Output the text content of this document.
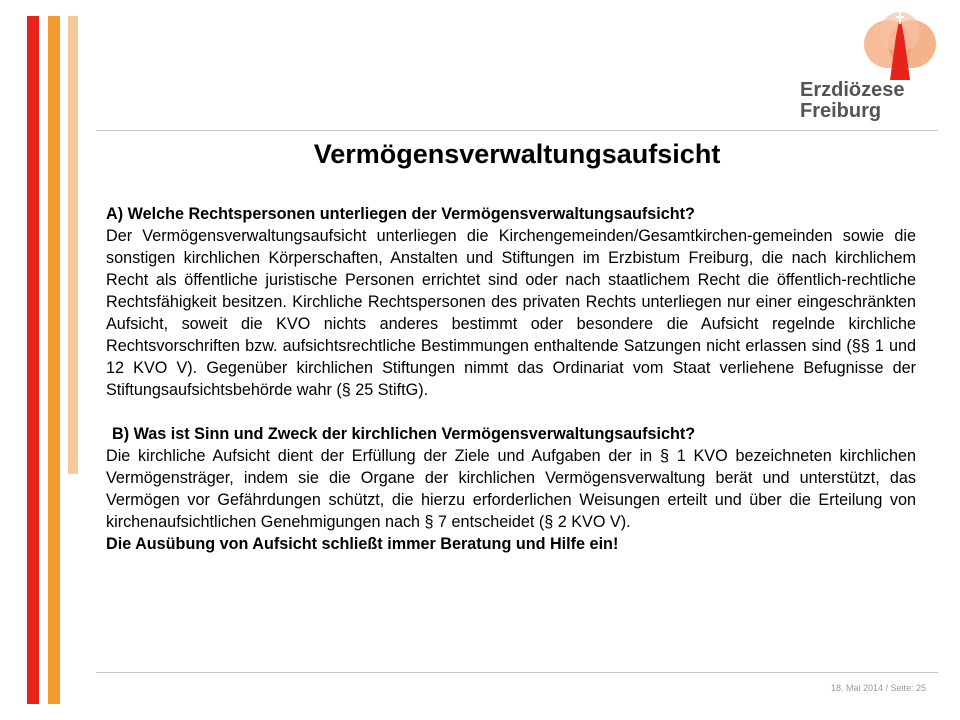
Erzdiözese
Freiburg
Vermögensverwaltungsaufsicht

A) Welche Rechtspersonen unterliegen der Vermögensverwaltungsaufsicht?

Der Vermögensverwaltungsaufsicht unterliegen die Kirchengemeinden/Gesamtkirchen-gemeinden sowie die sonstigen kirchlichen Körperschaften, Anstalten und Stiftungen im Erzbistum Freiburg, die nach kirchlichem Recht als öffentliche juristische Personen errichtet sind oder nach staatlichem Recht die öffentlich-rechtliche Rechtsfähigkeit besitzen. Kirchliche Rechtspersonen des privaten Rechts unterliegen nur einer eingeschränkten Aufsicht, soweit die KVO nichts anderes bestimmt oder besondere die Aufsicht regelnde kirchliche Rechtsvorschriften bzw. aufsichtsrechtliche Bestimmungen enthaltende Satzungen nicht erlassen sind (§§ 1 und 12 KVO V). Gegenüber kirchlichen Stiftungen nimmt das Ordinariat vom Staat verliehene Befugnisse der Stiftungsaufsichtsbehörde wahr (§ 25 StiftG).

B) Was ist Sinn und Zweck der kirchlichen Vermögensverwaltungsaufsicht?

Die kirchliche Aufsicht dient der Erfüllung der Ziele und Aufgaben der in § 1 KVO bezeichneten kirchlichen Vermögensträger, indem sie die Organe der kirchlichen Vermögensverwaltung berät und unterstützt, das Vermögen vor Gefährdungen schützt, die hierzu erforderlichen Weisungen erteilt und über die Erteilung von kirchenaufsichtlichen Genehmigungen nach § 7 entscheidet (§ 2 KVO V).

Die Ausübung von Aufsicht schließt immer Beratung und Hilfe ein!

18. Mai 2014 / Seite: 25
